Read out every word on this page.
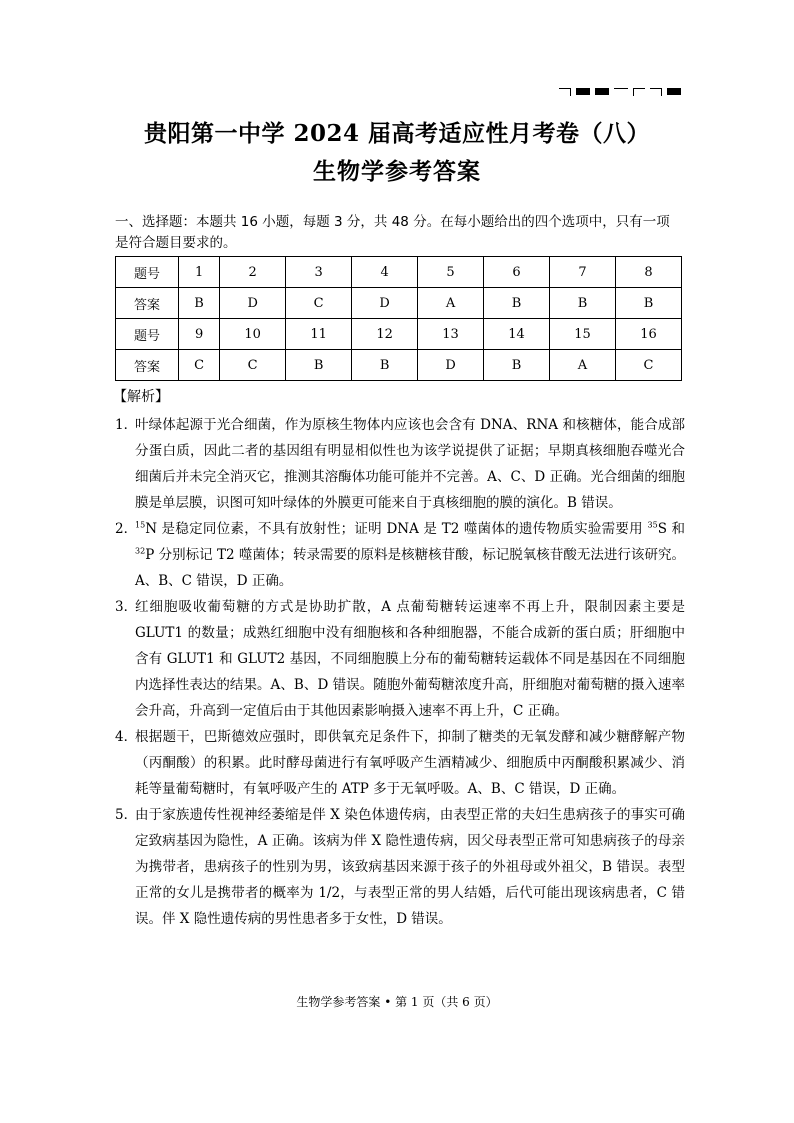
贵阳第一中学 2024 届高考适应性月考卷（八）
生物学参考答案
一、选择题：本题共 16 小题，每题 3 分，共 48 分。在每小题给出的四个选项中，只有一项是符合题目要求的。
题号	1	2	3	4	5	6	7	8
答案	B	D	C	D	A	B	B	B
题号	9	10	11	12	13	14	15	16
答案	C	C	B	B	D	B	A	C
【解析】
1．
叶绿体起源于光合细菌，作为原核生物体内应该也会含有 DNA、RNA 和核糖体，能合成部分蛋白质，因此二者的基因组有明显相似性也为该学说提供了证据；早期真核细胞吞噬光合细菌后并未完全消灭它，推测其溶酶体功能可能并不完善。A、C、D 正确。光合细菌的细胞膜是单层膜，识图可知叶绿体的外膜更可能来自于真核细胞的膜的演化。B 错误。
2．
$^{15}$N 是稳定同位素，不具有放射性；证明 DNA 是 T2 噬菌体的遗传物质实验需要用 $^{35}$S 和 $^{32}$P 分别标记 T2 噬菌体；转录需要的原料是核糖核苷酸，标记脱氧核苷酸无法进行该研究。A、B、C 错误，D 正确。
3．
红细胞吸收葡萄糖的方式是协助扩散，A 点葡萄糖转运速率不再上升，限制因素主要是 GLUT1 的数量；成熟红细胞中没有细胞核和各种细胞器，不能合成新的蛋白质；肝细胞中含有 GLUT1 和 GLUT2 基因，不同细胞膜上分布的葡萄糖转运载体不同是基因在不同细胞内选择性表达的结果。A、B、D 错误。随胞外葡萄糖浓度升高，肝细胞对葡萄糖的摄入速率会升高，升高到一定值后由于其他因素影响摄入速率不再上升，C 正确。
4．
根据题干，巴斯德效应强时，即供氧充足条件下，抑制了糖类的无氧发酵和减少糖酵解产物（丙酮酸）的积累。此时酵母菌进行有氧呼吸产生酒精减少、细胞质中丙酮酸积累减少、消耗等量葡萄糖时，有氧呼吸产生的 ATP 多于无氧呼吸。A、B、C 错误，D 正确。
5．
由于家族遗传性视神经萎缩是伴 X 染色体遗传病，由表型正常的夫妇生患病孩子的事实可确定致病基因为隐性，A 正确。该病为伴 X 隐性遗传病，因父母表型正常可知患病孩子的母亲为携带者，患病孩子的性别为男，该致病基因来源于孩子的外祖母或外祖父，B 错误。表型正常的女儿是携带者的概率为 1/2，与表型正常的男人结婚，后代可能出现该病患者，C 错误。伴 X 隐性遗传病的男性患者多于女性，D 错误。
生物学参考答案 • 第 1 页（共 6 页）
